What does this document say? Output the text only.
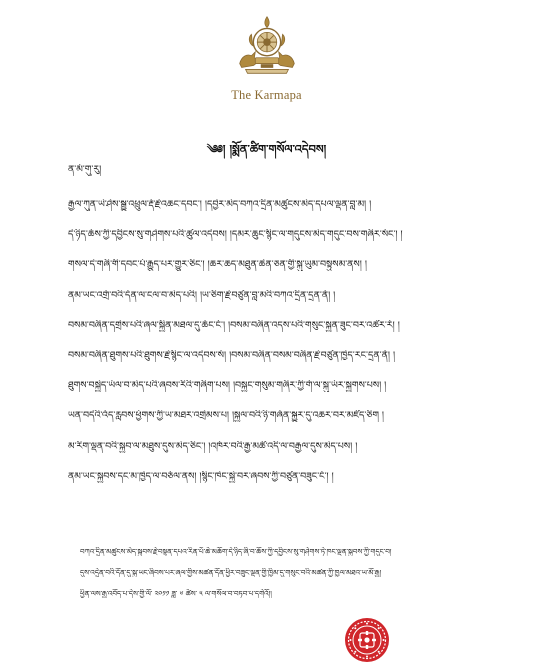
The Karmapa
༄༅། །སྨོན་ཚིག་གསོལ་འདེབས།
ན་མོ་གུ་རུ།
རྒྱལ་ཀུན་ཡེ་ཤེས་སྒྱུ་འཕྲུལ་རྡོ་རྗེ་འཆང་དབང་། །དབྱེར་མེད་བཀའ་དྲིན་མཚུངས་མེད་དཔལ་ལྡན་བླ་མ། །
དེ་ཉིད་ཆོས་ཀྱི་དབྱིངས་སུ་གཤེགས་པའི་ཚུལ་འདེབས། །དམར་ཆུང་སྙིང་ལ་གདུངས་མེད་གདུང་བས་གཞིར་སོང་། །
གསལ་དེ་གཞི་གི་དབང་པོ་རྒྱུད་པར་གྱུར་ཅིང་། །ཆར་ཆད་མཐུན་ཆེན་ཅན་གྱི་སྐུ་ཡུམ་བསྟུསམ་ནས། །
ནམ་ཡང་འགྲོ་བའི་དོན་ལ་ངལ་བ་མེད་པའི། །ཡ་ཅིག་རྗེ་བཙུན་བླ་མའི་བཀའ་དྲིན་དྲན་ནོ། །
བསམ་བཞིན་དགྲེས་པའི་ཞལ་སྐྱིན་མཐལ་དུ་ཆོང་ངོ་། །བསམ་བཞིན་འདས་པའི་གསུང་སྐྱན་ཟུང་བར་འཚེར་རོ། །
བསམ་བཞིན་ཐུགས་པའི་ཐུགས་རྗེ་སྙིང་ལ་འདེབས་སོ། །བསམ་བཞིན་བསམ་བཞིན་རྗེ་བཙུན་ཁྱེད་རང་དྲན་ནོ། །
ཐུགས་བསྐྱེད་ཡོལ་བ་མེད་པའི་ཞབས་རིའི་གཞིག་པས། །བསྐྱང་གསུམ་གཞིར་ཀྱི་གོ་ལ་སྐུ་ཡོར་སྐྱགས་པས། །
ཡན་བདེའི་འོད་རླབས་ཕྱོགས་ཀྱི་ཡ་མཐར་འགྲེམས་པ། །སྐྱལ་བའི་ཉི་གཞོན་སྐྱུར་དུ་འཆར་བར་མཛོད་ཅིག །
མ་རིག་ལྡན་བའི་སྐྱབ་ལ་མཐུས་དུས་མེད་ཅིང་། །འཁོར་བའི་རྒྱ་མཚོ་འདི་ལ་བརྒྱལ་དུས་མེད་པས། །
ནམ་ཡང་སྐྱབས་དང་མ་ཁྱེད་ལ་བཅོལ་ནས། །སྙིང་ཁེང་སྐྱེ་བར་ཞབས་ཀྱི་བཙུན་བཟུང་ངོ་། །
བཀའ་དྲིན་མཚུངས་མེད་སྐྱབས་རྗེ་བསྟན་དཔའ་རིན་པོ་ཆེ་མཆོག་དེ་ཉིད་ཞི་བ་ཆོས་ཀྱི་དབྱིངས་སུ་གཤེགས་ཏེ་ཁང་ལྡན་སྐྱབས་ཀྱི་གདུང་བ།
དུས་འདྲེན་བའི་དོན་དུ་སྐྱ་ཡང་ཞིབས་པར་ཞལ་གྱིས་མཚན་དོན་ཕྱིར་བཟུང་ལྡན་གྱི་ཁྱིམ་དུ་གསུང་བའི་མཚན་ཀྱི་ཁྱལ་མཐའ་ཡ་མོ་རྒྱ།
ཕྱིན་ལས་རྒྱ་འབོད་པ་དེས་གྱི་ལོ་ ༢༠༡༡ ཟླ་ ༦ ཚེས་ ༥ ལ་གསོལ་བ་བཏབ་པ་དགེའོ།།
